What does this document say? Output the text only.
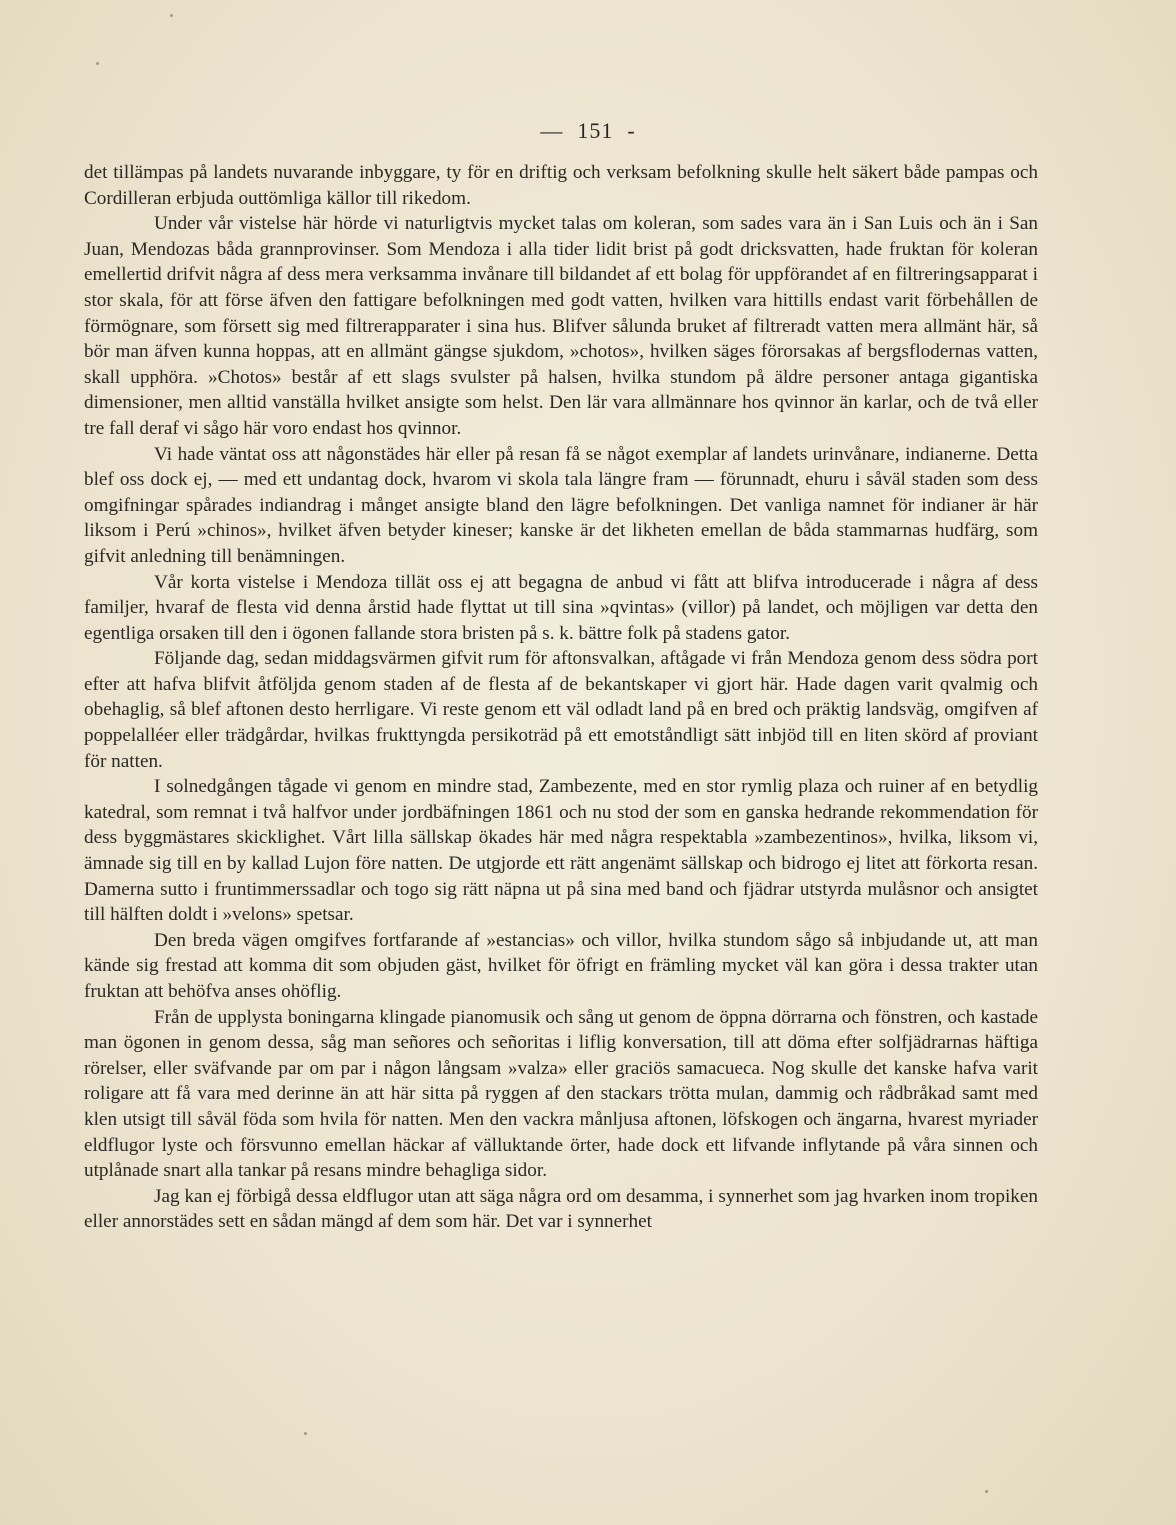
— 151 -

det tillämpas på landets nuvarande inbyggare, ty för en driftig och verksam befolkning skulle helt säkert både pampas och Cordilleran erbjuda outtömliga källor till rikedom.

Under vår vistelse här hörde vi naturligtvis mycket talas om koleran, som sades vara än i San Luis och än i San Juan, Mendozas båda grannprovinser. Som Mendoza i alla tider lidit brist på godt dricksvatten, hade fruktan för koleran emellertid drifvit några af dess mera verksamma invånare till bildandet af ett bolag för uppförandet af en filtreringsapparat i stor skala, för att förse äfven den fattigare befolkningen med godt vatten, hvilken vara hittills endast varit förbehållen de förmögnare, som försett sig med filtrerapparater i sina hus. Blifver sålunda bruket af filtreradt vatten mera allmänt här, så bör man äfven kunna hoppas, att en allmänt gängse sjukdom, »chotos», hvilken säges förorsakas af bergsflodernas vatten, skall upphöra. »Chotos» består af ett slags svulster på halsen, hvilka stundom på äldre personer antaga gigantiska dimensioner, men alltid vanställa hvilket ansigte som helst. Den lär vara allmännare hos qvinnor än karlar, och de två eller tre fall deraf vi sågo här voro endast hos qvinnor.

Vi hade väntat oss att någonstädes här eller på resan få se något exemplar af landets urinvånare, indianerne. Detta blef oss dock ej, — med ett undantag dock, hvarom vi skola tala längre fram — förunnadt, ehuru i såväl staden som dess omgifningar spårades indiandrag i månget ansigte bland den lägre befolkningen. Det vanliga namnet för indianer är här liksom i Perú »chinos», hvilket äfven betyder kineser; kanske är det likheten emellan de båda stammarnas hudfärg, som gifvit anledning till benämningen.

Vår korta vistelse i Mendoza tillät oss ej att begagna de anbud vi fått att blifva introducerade i några af dess familjer, hvaraf de flesta vid denna årstid hade flyttat ut till sina »qvintas» (villor) på landet, och möjligen var detta den egentliga orsaken till den i ögonen fallande stora bristen på s. k. bättre folk på stadens gator.

Följande dag, sedan middagsvärmen gifvit rum för aftonsvalkan, aftågade vi från Mendoza genom dess södra port efter att hafva blifvit åtföljda genom staden af de flesta af de bekantskaper vi gjort här. Hade dagen varit qvalmig och obehaglig, så blef aftonen desto herrligare. Vi reste genom ett väl odladt land på en bred och präktig landsväg, omgifven af poppelalléer eller trädgårdar, hvilkas frukttyngda persikoträd på ett emotståndligt sätt inbjöd till en liten skörd af proviant för natten.

I solnedgången tågade vi genom en mindre stad, Zambezente, med en stor rymlig plaza och ruiner af en betydlig katedral, som remnat i två halfvor under jordbäfningen 1861 och nu stod der som en ganska hedrande rekommendation för dess byggmästares skicklighet. Vårt lilla sällskap ökades här med några respektabla »zambezentinos», hvilka, liksom vi, ämnade sig till en by kallad Lujon före natten. De utgjorde ett rätt angenämt sällskap och bidrogo ej litet att förkorta resan. Damerna sutto i fruntimmerssadlar och togo sig rätt näpna ut på sina med band och fjädrar utstyrda mulåsnor och ansigtet till hälften doldt i »velons» spetsar.

Den breda vägen omgifves fortfarande af »estancias» och villor, hvilka stundom sågo så inbjudande ut, att man kände sig frestad att komma dit som objuden gäst, hvilket för öfrigt en främling mycket väl kan göra i dessa trakter utan fruktan att behöfva anses ohöflig.

Från de upplysta boningarna klingade pianomusik och sång ut genom de öppna dörrarna och fönstren, och kastade man ögonen in genom dessa, såg man señores och señoritas i liflig konversation, till att döma efter solfjädrarnas häftiga rörelser, eller sväfvande par om par i någon långsam »valza» eller graciös samacueca. Nog skulle det kanske hafva varit roligare att få vara med derinne än att här sitta på ryggen af den stackars trötta mulan, dammig och rådbråkad samt med klen utsigt till såväl föda som hvila för natten. Men den vackra månljusa aftonen, löfskogen och ängarna, hvarest myriader eldflugor lyste och försvunno emellan häckar af välluktande örter, hade dock ett lifvande inflytande på våra sinnen och utplånade snart alla tankar på resans mindre behagliga sidor.

Jag kan ej förbigå dessa eldflugor utan att säga några ord om desamma, i synnerhet som jag hvarken inom tropiken eller annorstädes sett en sådan mängd af dem som här. Det var i synnerhet
